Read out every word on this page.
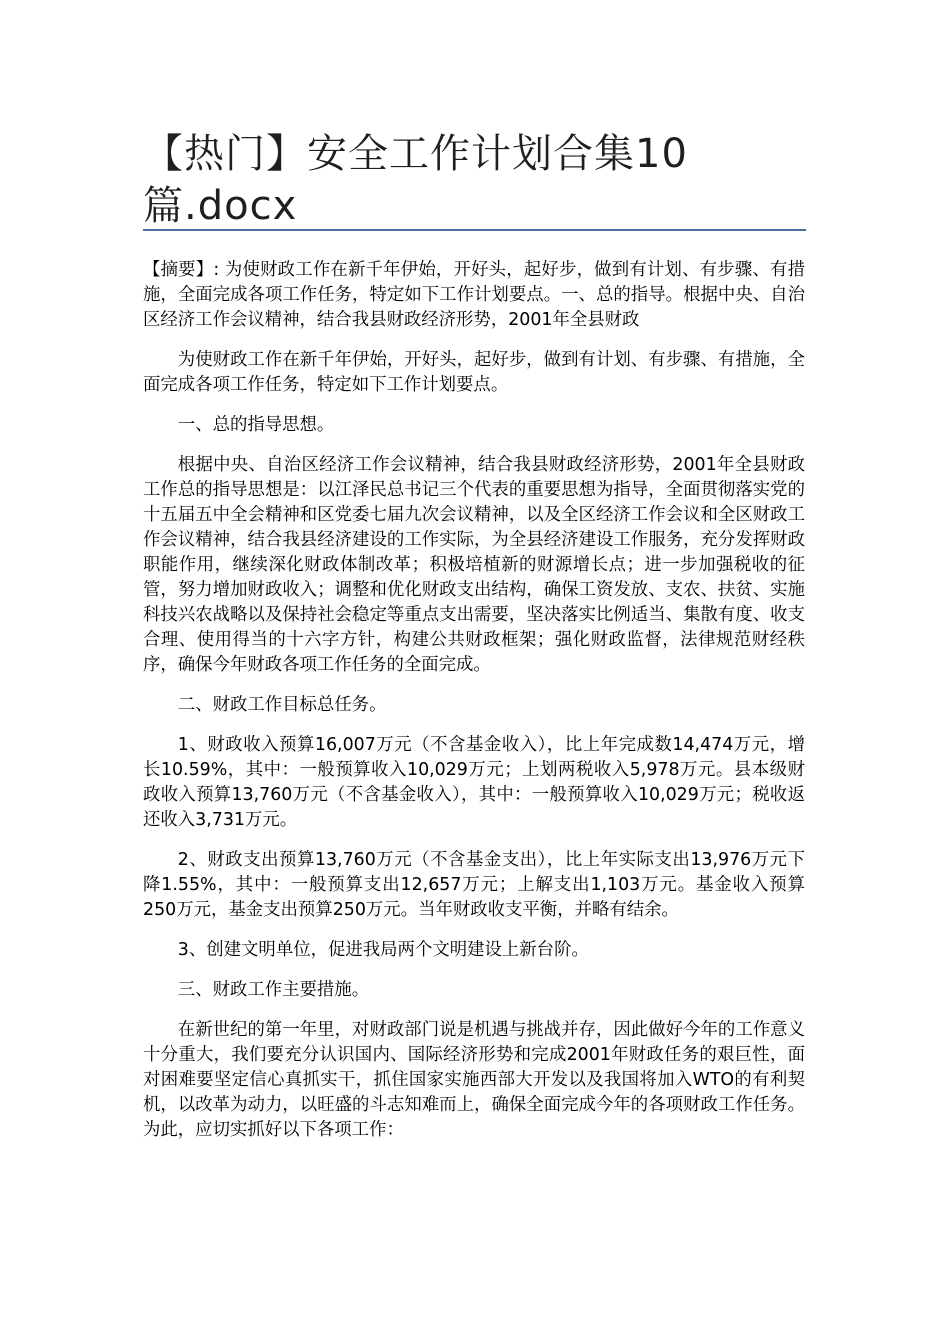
【热门】安全工作计划合集10
篇.docx

【摘要】: 为使财政工作在新千年伊始，开好头，起好步，做到有计划、有步骤、有措施，全面完成各项工作任务，特定如下工作计划要点。一、总的指导。根据中央、自治区经济工作会议精神，结合我县财政经济形势，2001年全县财政

为使财政工作在新千年伊始，开好头，起好步，做到有计划、有步骤、有措施，全面完成各项工作任务，特定如下工作计划要点。

一、总的指导思想。

根据中央、自治区经济工作会议精神，结合我县财政经济形势，2001年全县财政工作总的指导思想是：以江泽民总书记三个代表的重要思想为指导，全面贯彻落实党的十五届五中全会精神和区党委七届九次会议精神，以及全区经济工作会议和全区财政工作会议精神，结合我县经济建设的工作实际，为全县经济建设工作服务，充分发挥财政职能作用，继续深化财政体制改革；积极培植新的财源增长点；进一步加强税收的征管，努力增加财政收入；调整和优化财政支出结构，确保工资发放、支农、扶贫、实施科技兴农战略以及保持社会稳定等重点支出需要，坚决落实比例适当、集散有度、收支合理、使用得当的十六字方针，构建公共财政框架；强化财政监督，法律规范财经秩序，确保今年财政各项工作任务的全面完成。

二、财政工作目标总任务。

1、财政收入预算16,007万元（不含基金收入），比上年完成数14,474万元，增长10.59%，其中：一般预算收入10,029万元；上划两税收入5,978万元。县本级财政收入预算13,760万元（不含基金收入），其中：一般预算收入10,029万元；税收返还收入3,731万元。

2、财政支出预算13,760万元（不含基金支出），比上年实际支出13,976万元下降1.55%，其中：一般预算支出12,657万元；上解支出1,103万元。基金收入预算250万元，基金支出预算250万元。当年财政收支平衡，并略有结余。

3、创建文明单位，促进我局两个文明建设上新台阶。

三、财政工作主要措施。

在新世纪的第一年里，对财政部门说是机遇与挑战并存，因此做好今年的工作意义十分重大，我们要充分认识国内、国际经济形势和完成2001年财政任务的艰巨性，面对困难要坚定信心真抓实干，抓住国家实施西部大开发以及我国将加入WTO的有利契机，以改革为动力，以旺盛的斗志知难而上，确保全面完成今年的各项财政工作任务。为此，应切实抓好以下各项工作：
